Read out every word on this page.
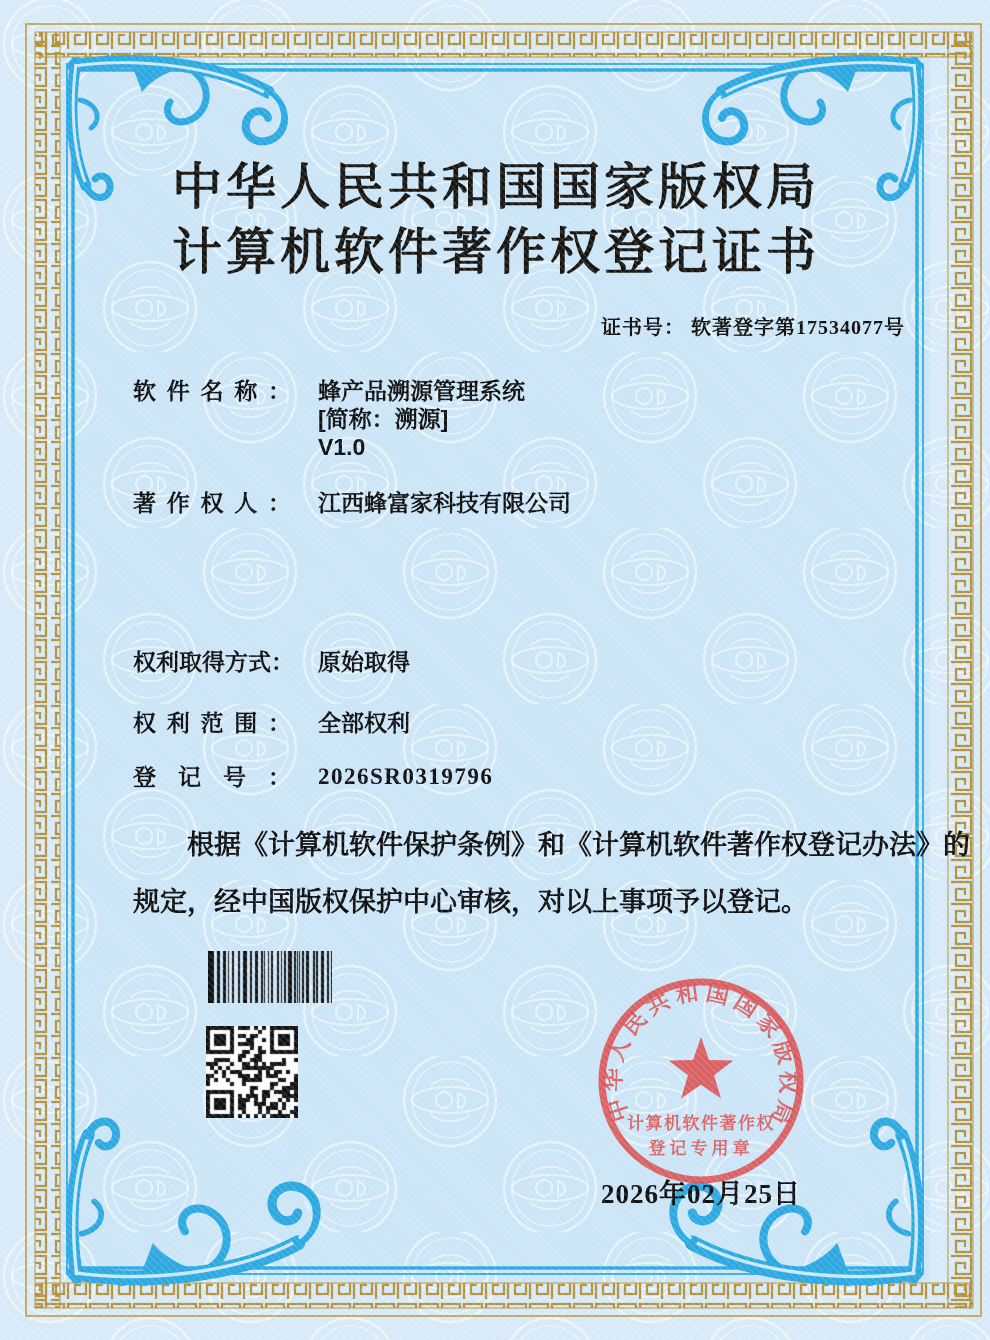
中华人民共和国国家版权局
计算机软件著作权登记证书
证书号： 软著登字第17534077号
软件名称： 蜂产品溯源管理系统
[简称：溯源]
V1.0
著作权人： 江西蜂富家科技有限公司
权利取得方式： 原始取得
权利范围： 全部权利
登记号： 2026SR0319796
根据《计算机软件保护条例》和《计算机软件著作权登记办法》的
规定，经中国版权保护中心审核，对以上事项予以登记。
中华人民共和国国家版权局
计算机软件著作权
登记专用章
2026年02月25日
